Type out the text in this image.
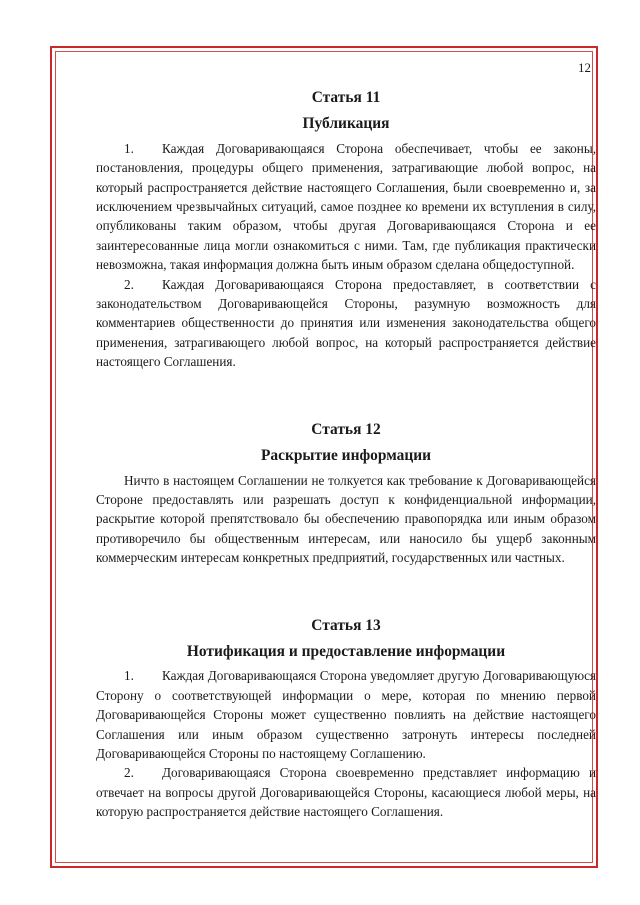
12
Статья 11
Публикация

1. Каждая Договаривающаяся Сторона обеспечивает, чтобы ее законы, постановления, процедуры общего применения, затрагивающие любой вопрос, на который распространяется действие настоящего Соглашения, были своевременно и, за исключением чрезвычайных ситуаций, самое позднее ко времени их вступления в силу, опубликованы таким образом, чтобы другая Договаривающаяся Сторона и ее заинтересованные лица могли ознакомиться с ними. Там, где публикация практически невозможна, такая информация должна быть иным образом сделана общедоступной.

2. Каждая Договаривающаяся Сторона предоставляет, в соответствии с законодательством Договаривающейся Стороны, разумную возможность для комментариев общественности до принятия или изменения законодательства общего применения, затрагивающего любой вопрос, на который распространяется действие настоящего Соглашения.

Статья 12
Раскрытие информации

Ничто в настоящем Соглашении не толкуется как требование к Договаривающейся Стороне предоставлять или разрешать доступ к конфиденциальной информации, раскрытие которой препятствовало бы обеспечению правопорядка или иным образом противоречило бы общественным интересам, или наносило бы ущерб законным коммерческим интересам конкретных предприятий, государственных или частных.

Статья 13
Нотификация и предоставление информации

1. Каждая Договаривающаяся Сторона уведомляет другую Договаривающуюся Сторону о соответствующей информации о мере, которая по мнению первой Договаривающейся Стороны может существенно повлиять на действие настоящего Соглашения или иным образом существенно затронуть интересы последней Договаривающейся Стороны по настоящему Соглашению.

2. Договаривающаяся Сторона своевременно представляет информацию и отвечает на вопросы другой Договаривающейся Стороны, касающиеся любой меры, на которую распространяется действие настоящего Соглашения.
